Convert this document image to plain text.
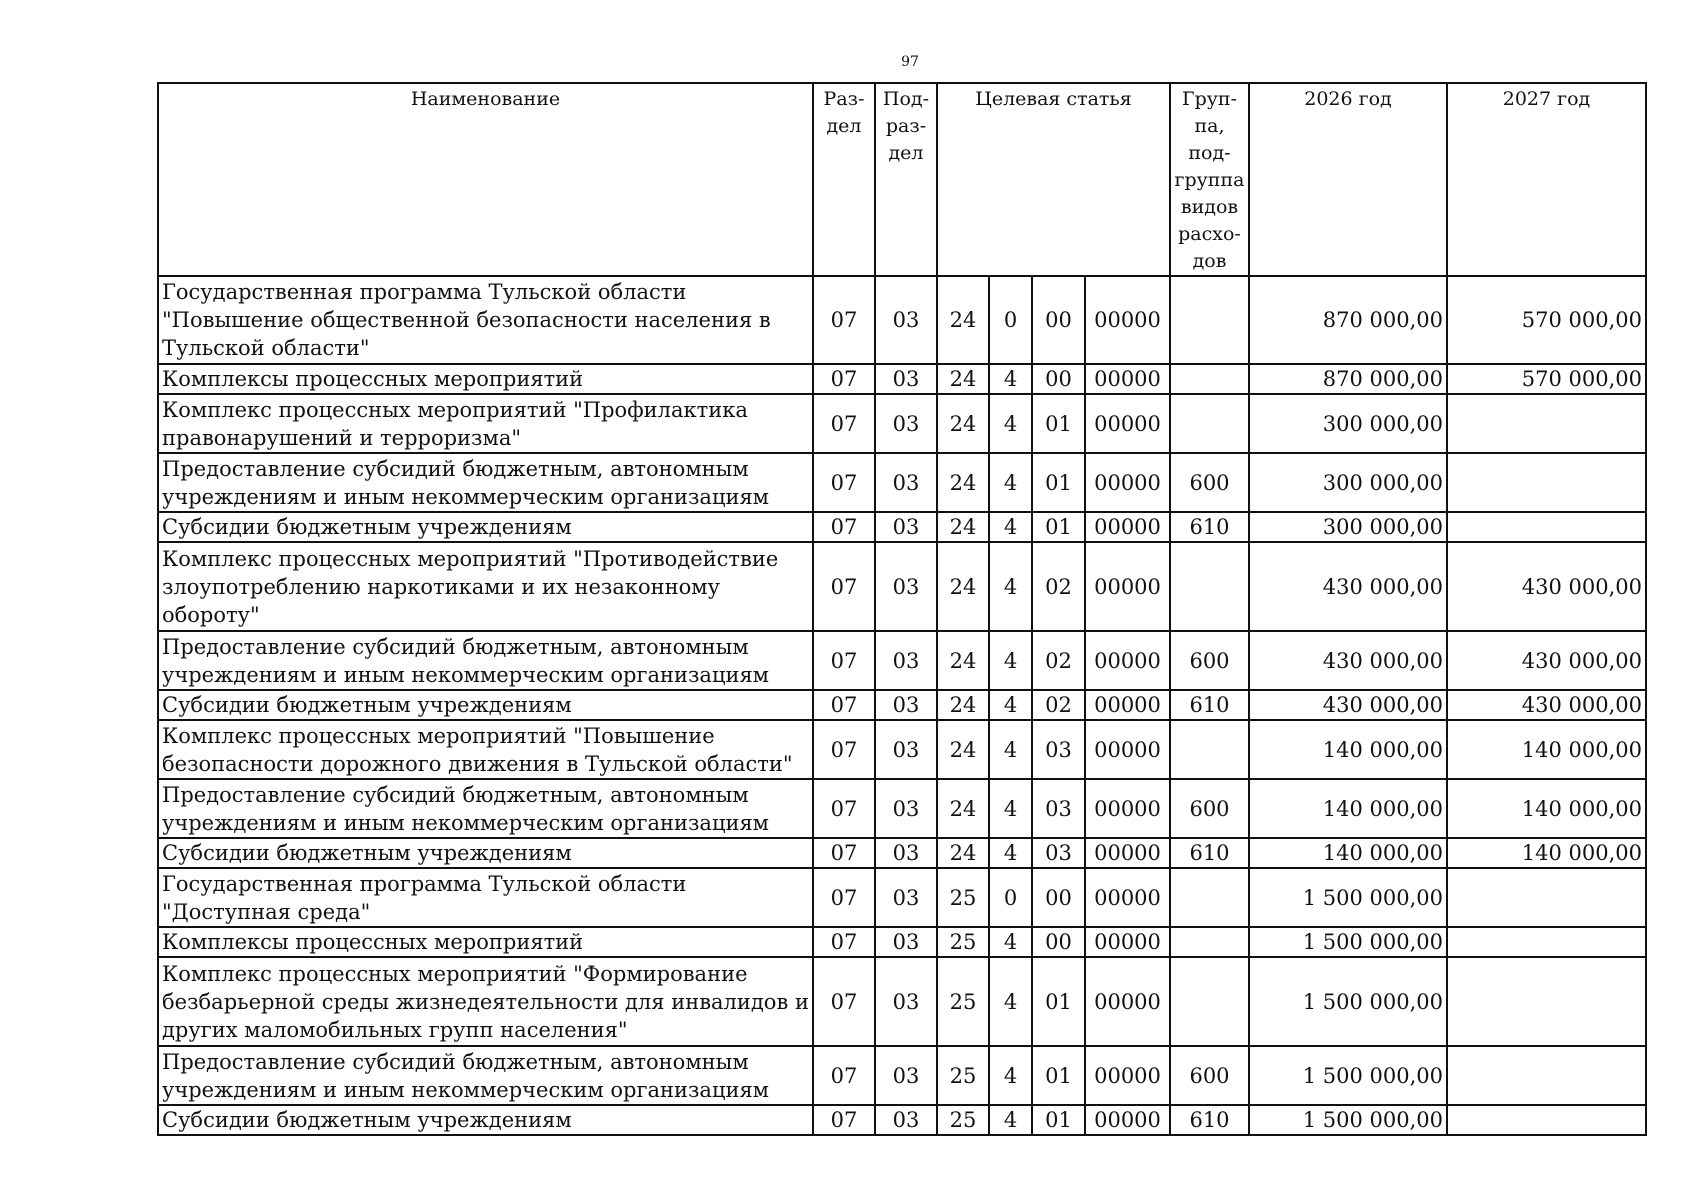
97
Наименование	Раз-дел	Под-раз-дел	Целевая статья				Груп-па, под-группа видов расхо-дов	2026 год	2027 год
Государственная программа Тульской области "Повышение общественной безопасности населения в Тульской области"	07	03	24	0	00	00000		870 000,00	570 000,00
Комплексы процессных мероприятий	07	03	24	4	00	00000		870 000,00	570 000,00
Комплекс процессных мероприятий "Профилактика правонарушений и терроризма"	07	03	24	4	01	00000		300 000,00	
Предоставление субсидий бюджетным, автономным учреждениям и иным некоммерческим организациям	07	03	24	4	01	00000	600	300 000,00	
Субсидии бюджетным учреждениям	07	03	24	4	01	00000	610	300 000,00	
Комплекс процессных мероприятий "Противодействие злоупотреблению наркотиками и их незаконному обороту"	07	03	24	4	02	00000		430 000,00	430 000,00
Предоставление субсидий бюджетным, автономным учреждениям и иным некоммерческим организациям	07	03	24	4	02	00000	600	430 000,00	430 000,00
Субсидии бюджетным учреждениям	07	03	24	4	02	00000	610	430 000,00	430 000,00
Комплекс процессных мероприятий "Повышение безопасности дорожного движения в Тульской области"	07	03	24	4	03	00000		140 000,00	140 000,00
Предоставление субсидий бюджетным, автономным учреждениям и иным некоммерческим организациям	07	03	24	4	03	00000	600	140 000,00	140 000,00
Субсидии бюджетным учреждениям	07	03	24	4	03	00000	610	140 000,00	140 000,00
Государственная программа Тульской области "Доступная среда"	07	03	25	0	00	00000		1 500 000,00	
Комплексы процессных мероприятий	07	03	25	4	00	00000		1 500 000,00	
Комплекс процессных мероприятий "Формирование безбарьерной среды жизнедеятельности для инвалидов и других маломобильных групп населения"	07	03	25	4	01	00000		1 500 000,00	
Предоставление субсидий бюджетным, автономным учреждениям и иным некоммерческим организациям	07	03	25	4	01	00000	600	1 500 000,00	
Субсидии бюджетным учреждениям	07	03	25	4	01	00000	610	1 500 000,00	
